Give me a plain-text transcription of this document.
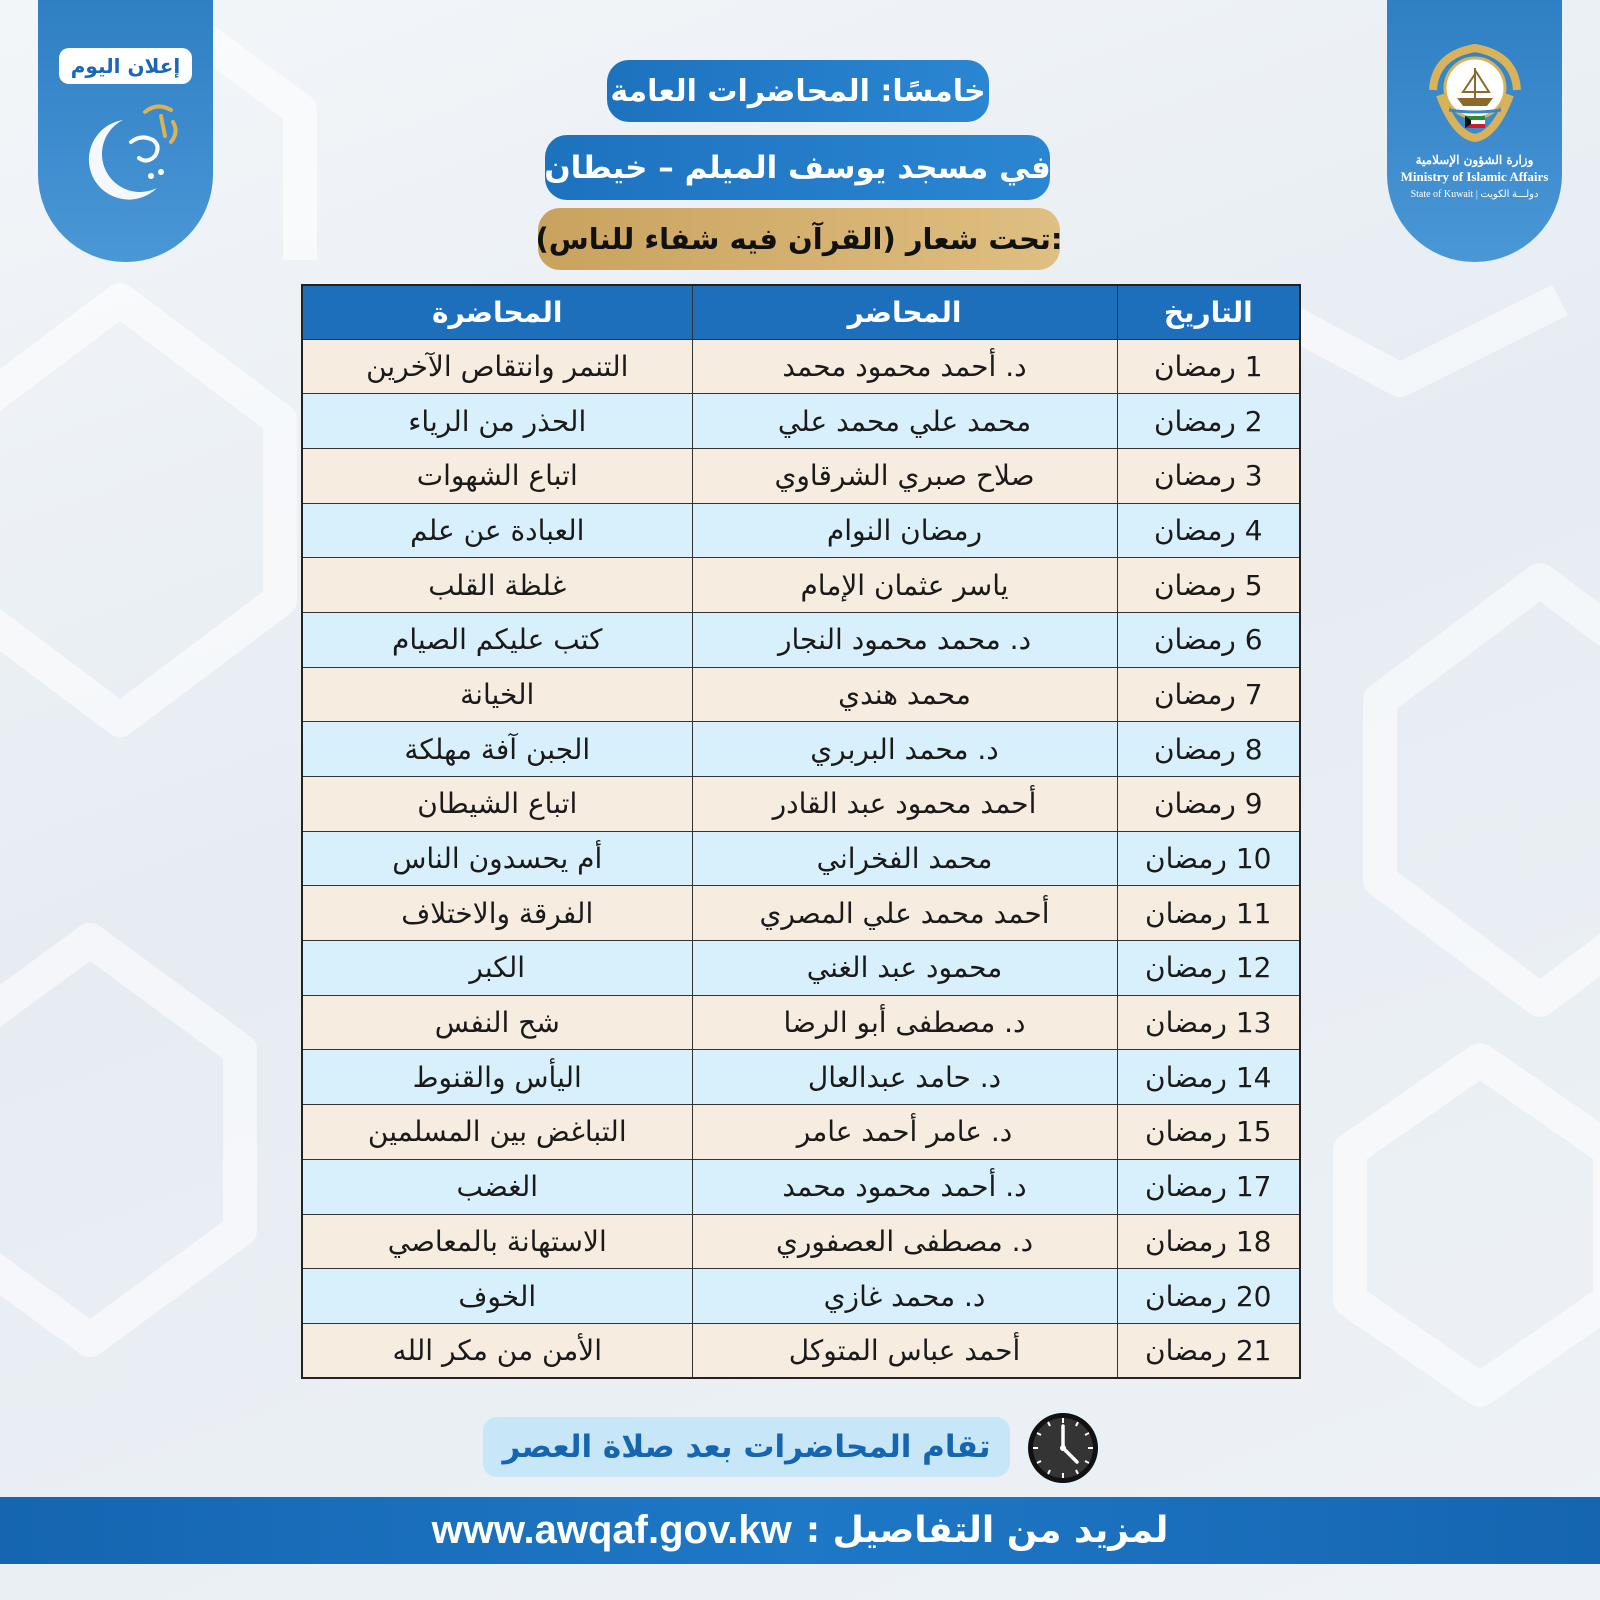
وزارة الشؤون الإسلامية
Ministry of Islamic Affairs
State of Kuwait | دولـــة الكويت
إعلان اليوم
خامسًا: المحاضرات العامة
في مسجد يوسف الميلم – خيطان
تحت شعار (القرآن فيه شفاء للناس):
التاريخ	المحاضر	المحاضرة
1 رمضان	د. أحمد محمود محمد	التنمر وانتقاص الآخرين
2 رمضان	محمد علي محمد علي	الحذر من الرياء
3 رمضان	صلاح صبري الشرقاوي	اتباع الشهوات
4 رمضان	رمضان النوام	العبادة عن علم
5 رمضان	ياسر عثمان الإمام	غلظة القلب
6 رمضان	د. محمد محمود النجار	كتب عليكم الصيام
7 رمضان	محمد هندي	الخيانة
8 رمضان	د. محمد البربري	الجبن آفة مهلكة
9 رمضان	أحمد محمود عبد القادر	اتباع الشيطان
10 رمضان	محمد الفخراني	أم يحسدون الناس
11 رمضان	أحمد محمد علي المصري	الفرقة والاختلاف
12 رمضان	محمود عبد الغني	الكبر
13 رمضان	د. مصطفى أبو الرضا	شح النفس
14 رمضان	د. حامد عبدالعال	اليأس والقنوط
15 رمضان	د. عامر أحمد عامر	التباغض بين المسلمين
17 رمضان	د. أحمد محمود محمد	الغضب
18 رمضان	د. مصطفى العصفوري	الاستهانة بالمعاصي
20 رمضان	د. محمد غازي	الخوف
21 رمضان	أحمد عباس المتوكل	الأمن من مكر الله
تقام المحاضرات بعد صلاة العصر
لمزيد من التفاصيل :
www.awqaf.gov.kw
